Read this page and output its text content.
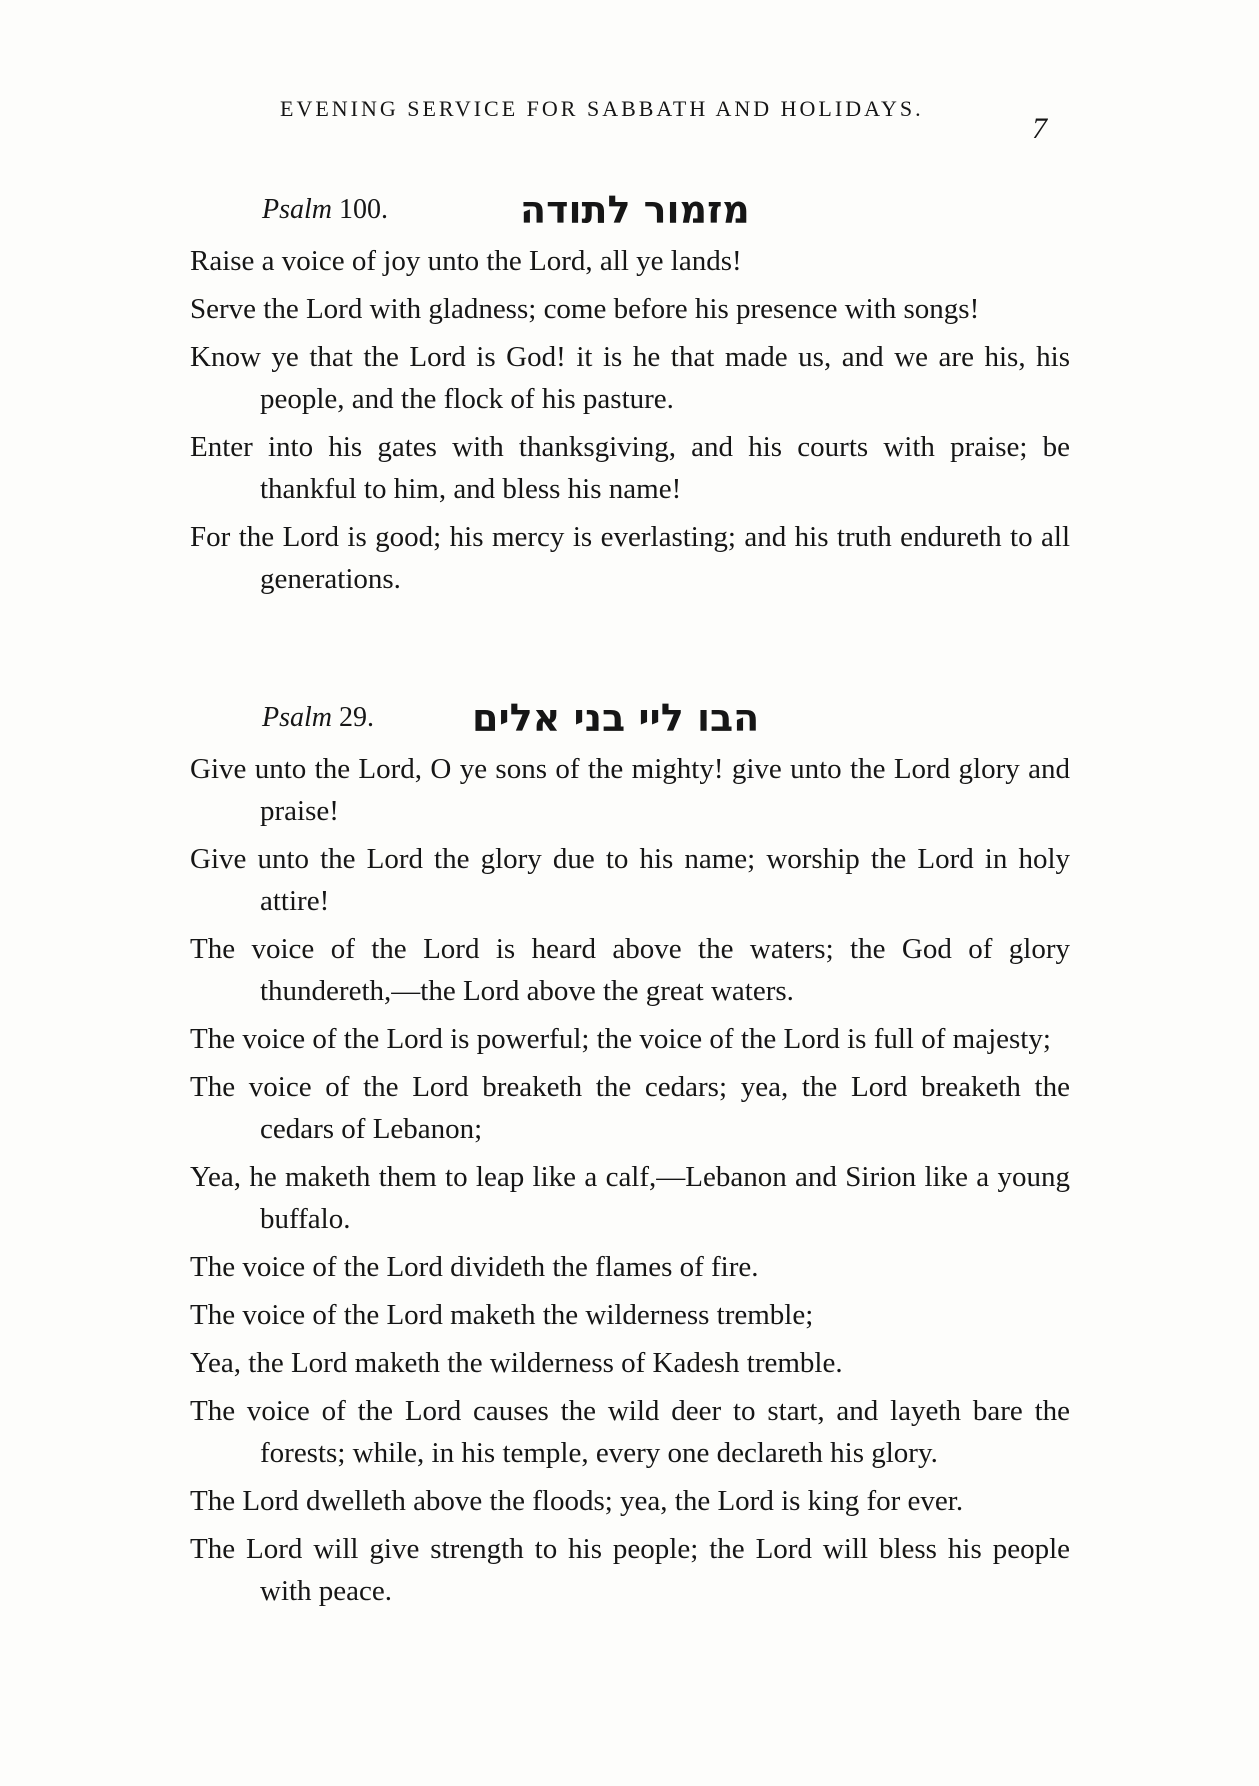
EVENING SERVICE FOR SABBATH AND HOLIDAYS.
7
Psalm 100.	מזמור לתודה

Raise a voice of joy unto the Lord, all ye lands!

Serve the Lord with gladness; come before his presence with songs!

Know ye that the Lord is God! it is he that made us, and we are his, his people, and the flock of his pasture.

Enter into his gates with thanksgiving, and his courts with praise; be thankful to him, and bless his name!

For the Lord is good; his mercy is everlasting; and his truth endureth to all generations.

Psalm 29.	הבו ליי בני אלים

Give unto the Lord, O ye sons of the mighty! give unto the Lord glory and praise!

Give unto the Lord the glory due to his name; worship the Lord in holy attire!

The voice of the Lord is heard above the waters; the God of glory thundereth,—the Lord above the great waters.

The voice of the Lord is powerful; the voice of the Lord is full of majesty;

The voice of the Lord breaketh the cedars; yea, the Lord breaketh the cedars of Lebanon;

Yea, he maketh them to leap like a calf,—Lebanon and Sirion like a young buffalo.

The voice of the Lord divideth the flames of fire.

The voice of the Lord maketh the wilderness tremble;

Yea, the Lord maketh the wilderness of Kadesh tremble.

The voice of the Lord causes the wild deer to start, and layeth bare the forests; while, in his temple, every one declareth his glory.

The Lord dwelleth above the floods; yea, the Lord is king for ever.

The Lord will give strength to his people; the Lord will bless his people with peace.
